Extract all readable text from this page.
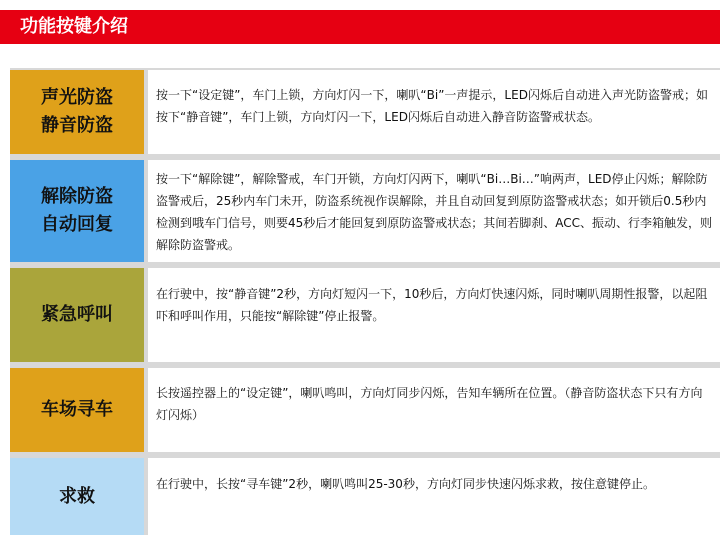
功能按键介绍
声光防盗
静音防盗
按一下“设定键”，车门上锁，方向灯闪一下，喇叭“Bi”一声提示，LED闪烁后自动进入声光防盗警戒；如按下“静音键”，车门上锁，方向灯闪一下，LED闪烁后自动进入静音防盗警戒状态。
解除防盗
自动回复
按一下“解除键”，解除警戒，车门开锁，方向灯闪两下，喇叭“Bi…Bi…”响两声，LED停止闪烁；解除防盗警戒后，25秒内车门未开，防盗系统视作误解除，并且自动回复到原防盗警戒状态；如开锁后0.5秒内检测到哦车门信号，则要45秒后才能回复到原防盗警戒状态；其间若脚刹、ACC、振动、行李箱触发，则解除防盗警戒。
紧急呼叫
在行驶中，按“静音键”2秒，方向灯短闪一下，10秒后，方向灯快速闪烁，同时喇叭周期性报警，以起阻吓和呼叫作用，只能按“解除键”停止报警。
车场寻车
长按遥控器上的“设定键”，喇叭鸣叫，方向灯同步闪烁，告知车辆所在位置。（静音防盗状态下只有方向灯闪烁）
求救
在行驶中，长按“寻车键”2秒，喇叭鸣叫25-30秒，方向灯同步快速闪烁求救，按住意键停止。
